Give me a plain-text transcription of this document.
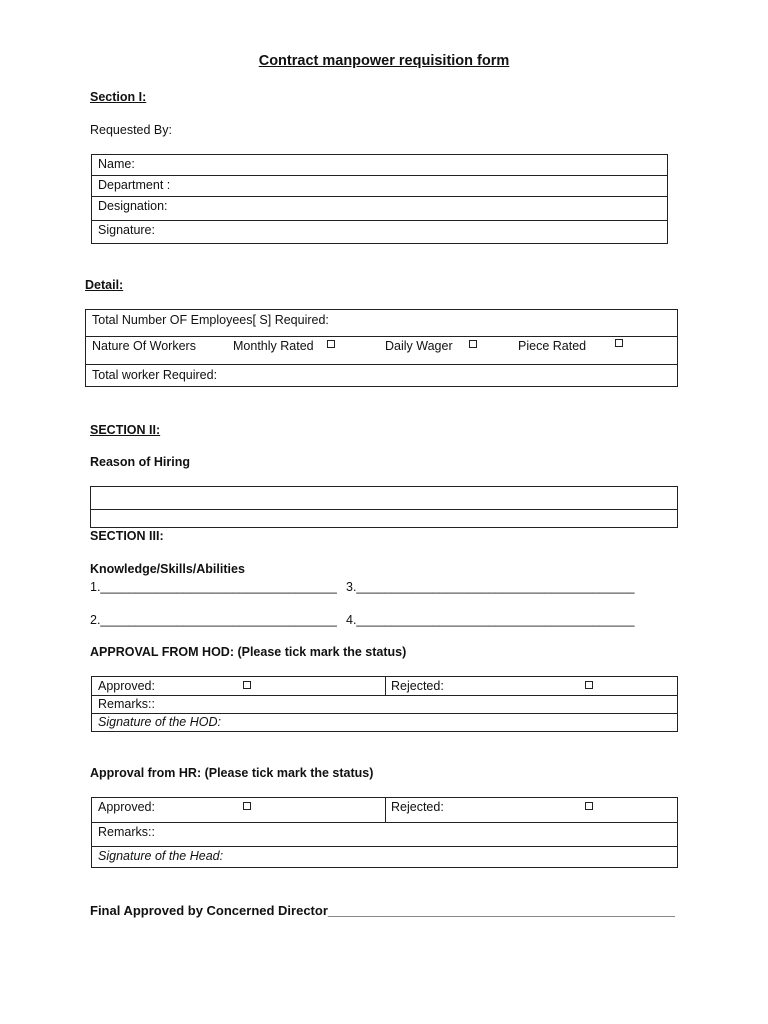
Contract manpower requisition form
Section I:
Requested By:
Name:
Department :
Designation:
Signature:
Detail:
Total Number OF Employees[ S] Required:
Nature Of Workers	Monthly Rated	Daily Wager	Piece Rated
Total worker Required:
SECTION II:
Reason of Hiring
SECTION III:
Knowledge/Skills/Abilities
1.__________________________________ 3.________________________________________
2.__________________________________ 4.________________________________________
APPROVAL FROM HOD: (Please tick mark the status)
Approved:	Rejected:
Remarks::
Signature of the HOD:
Approval from HR: (Please tick mark the status)
Approved:	Rejected:
Remarks::
Signature of the Head:
Final Approved by Concerned Director________________________________________________
